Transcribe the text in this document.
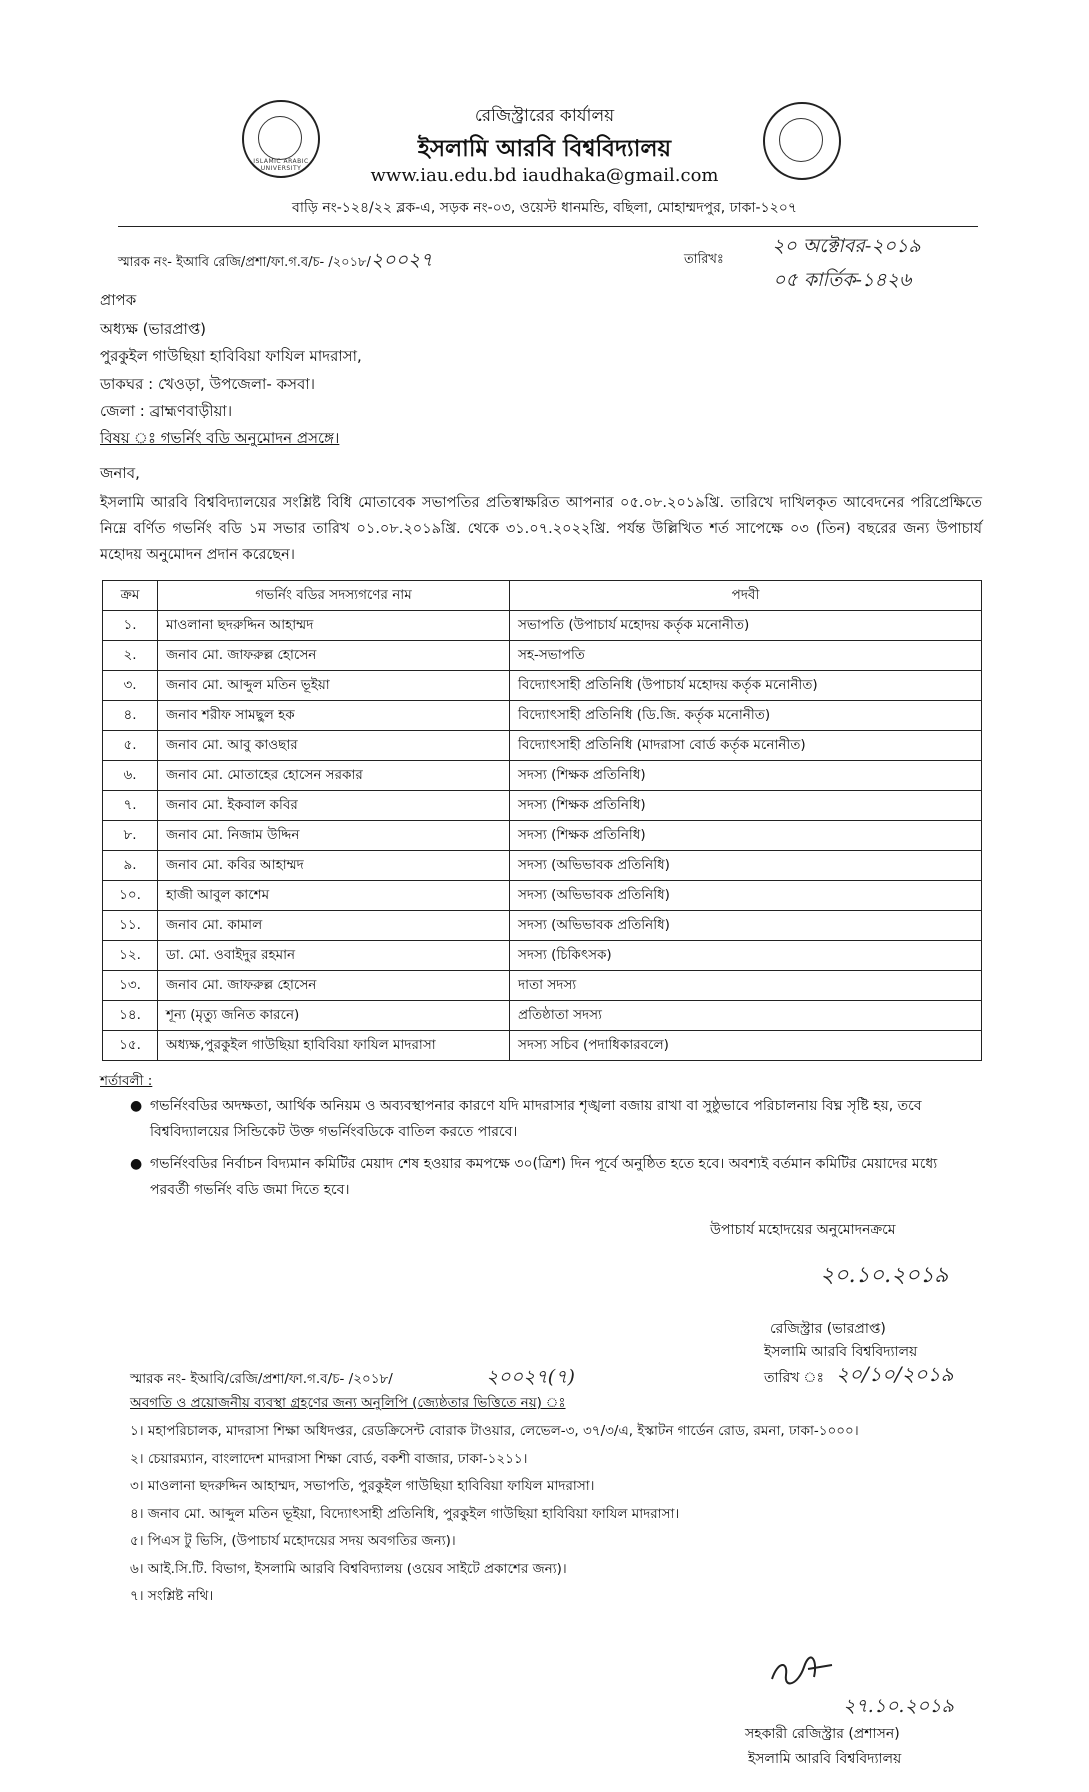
ISLAMIC ARABIC UNIVERSITY
রেজিস্ট্রারের কার্যালয়
ইসলামি আরবি বিশ্ববিদ্যালয়
www.iau.edu.bd iaudhaka@gmail.com
বাড়ি নং-১২৪/২২ ব্লক-এ, সড়ক নং-০৩, ওয়েস্ট ধানমন্ডি, বছিলা, মোহাম্মদপুর, ঢাকা-১২০৭
স্মারক নং- ইআবি রেজি/প্রশা/ফা.গ.ব/চ- /২০১৮/২০০২৭	তারিখঃ
২০ অক্টোবর-২০১৯
০৫ কার্তিক-১৪২৬
প্রাপক
অধ্যক্ষ (ভারপ্রাপ্ত)
পুরকুইল গাউছিয়া হাবিবিয়া ফাযিল মাদরাসা,
ডাকঘর : খেওড়া, উপজেলা- কসবা।
জেলা : ব্রাহ্মণবাড়ীয়া।
বিষয় ঃ গভর্নিং বডি অনুমোদন প্রসঙ্গে।
জনাব,
ইসলামি আরবি বিশ্ববিদ্যালয়ের সংশ্লিষ্ট বিধি মোতাবেক সভাপতির প্রতিস্বাক্ষরিত আপনার ০৫.০৮.২০১৯খ্রি. তারিখে দাখিলকৃত আবেদনের পরিপ্রেক্ষিতে নিম্নে বর্ণিত গভর্নিং বডি ১ম সভার তারিখ ০১.০৮.২০১৯খ্রি. থেকে ৩১.০৭.২০২২খ্রি. পর্যন্ত উল্লিখিত শর্ত সাপেক্ষে ০৩ (তিন) বছরের জন্য উপাচার্য মহোদয় অনুমোদন প্রদান করেছেন।
ক্রম	গভর্নিং বডির সদস্যগণের নাম	পদবী
১.	মাওলানা ছদরুদ্দিন আহাম্মদ	সভাপতি (উপাচার্য মহোদয় কর্তৃক মনোনীত)
২.	জনাব মো. জাফরুল্ল হোসেন	সহ-সভাপতি
৩.	জনাব মো. আব্দুল মতিন ভূইয়া	বিদ্যোৎসাহী প্রতিনিধি (উপাচার্য মহোদয় কর্তৃক মনোনীত)
৪.	জনাব শরীফ সামছুল হক	বিদ্যোৎসাহী প্রতিনিধি (ডি.জি. কর্তৃক মনোনীত)
৫.	জনাব মো. আবু কাওছার	বিদ্যোৎসাহী প্রতিনিধি (মাদরাসা বোর্ড কর্তৃক মনোনীত)
৬.	জনাব মো. মোতাহের হোসেন সরকার	সদস্য (শিক্ষক প্রতিনিধি)
৭.	জনাব মো. ইকবাল কবির	সদস্য (শিক্ষক প্রতিনিধি)
৮.	জনাব মো. নিজাম উদ্দিন	সদস্য (শিক্ষক প্রতিনিধি)
৯.	জনাব মো. কবির আহাম্মদ	সদস্য (অভিভাবক প্রতিনিধি)
১০.	হাজী আবুল কাশেম	সদস্য (অভিভাবক প্রতিনিধি)
১১.	জনাব মো. কামাল	সদস্য (অভিভাবক প্রতিনিধি)
১২.	ডা. মো. ওবাইদুর রহমান	সদস্য (চিকিৎসক)
১৩.	জনাব মো. জাফরুল্ল হোসেন	দাতা সদস্য
১৪.	শূন্য (মৃত্যু জনিত কারনে)	প্রতিষ্ঠাতা সদস্য
১৫.	অধ্যক্ষ,পুরকুইল গাউছিয়া হাবিবিয়া ফাযিল মাদরাসা	সদস্য সচিব (পদাধিকারবলে)
শর্তাবলী :
● গভর্নিংবডির অদক্ষতা, আর্থিক অনিয়ম ও অব্যবস্থাপনার কারণে যদি মাদরাসার শৃঙ্খলা বজায় রাখা বা সুষ্ঠুভাবে পরিচালনায় বিঘ্ন সৃষ্টি হয়, তবে বিশ্ববিদ্যালয়ের সিন্ডিকেট উক্ত গভর্নিংবডিকে বাতিল করতে পারবে।
● গভর্নিংবডির নির্বাচন বিদ্যমান কমিটির মেয়াদ শেষ হওয়ার কমপক্ষে ৩০(ত্রিশ) দিন পূর্বে অনুষ্ঠিত হতে হবে। অবশ্যই বর্তমান কমিটির মেয়াদের মধ্যে পরবর্তী গভর্নিং বডি জমা দিতে হবে।
উপাচার্য মহোদয়ের অনুমোদনক্রমে
২০.১০.২০১৯
রেজিস্ট্রার (ভারপ্রাপ্ত)
ইসলামি আরবি বিশ্ববিদ্যালয়
তারিখ ঃ ২০/১০/২০১৯
স্মারক নং- ইআবি/রেজি/প্রশা/ফা.গ.ব/চ- /২০১৮/	২০০২৭(৭)
অবগতি ও প্রয়োজনীয় ব্যবস্থা গ্রহণের জন্য অনুলিপি (জ্যেষ্ঠতার ভিত্তিতে নয়) ঃ
১। মহাপরিচালক, মাদরাসা শিক্ষা অধিদপ্তর, রেডক্রিসেন্ট বোরাক টাওয়ার, লেভেল-৩, ৩৭/৩/এ, ইস্কাটন গার্ডেন রোড, রমনা, ঢাকা-১০০০।
২। চেয়ারম্যান, বাংলাদেশ মাদরাসা শিক্ষা বোর্ড, বকশী বাজার, ঢাকা-১২১১।
৩। মাওলানা ছদরুদ্দিন আহাম্মদ, সভাপতি, পুরকুইল গাউছিয়া হাবিবিয়া ফাযিল মাদরাসা।
৪। জনাব মো. আব্দুল মতিন ভূইয়া, বিদ্যোৎসাহী প্রতিনিধি, পুরকুইল গাউছিয়া হাবিবিয়া ফাযিল মাদরাসা।
৫। পিএস টু ভিসি, (উপাচার্য মহোদয়ের সদয় অবগতির জন্য)।
৬। আই.সি.টি. বিভাগ, ইসলামি আরবি বিশ্ববিদ্যালয় (ওয়েব সাইটে প্রকাশের জন্য)।
৭। সংশ্লিষ্ট নথি।
২৭.১০.২০১৯
সহকারী রেজিস্ট্রার (প্রশাসন)
ইসলামি আরবি বিশ্ববিদ্যালয়
